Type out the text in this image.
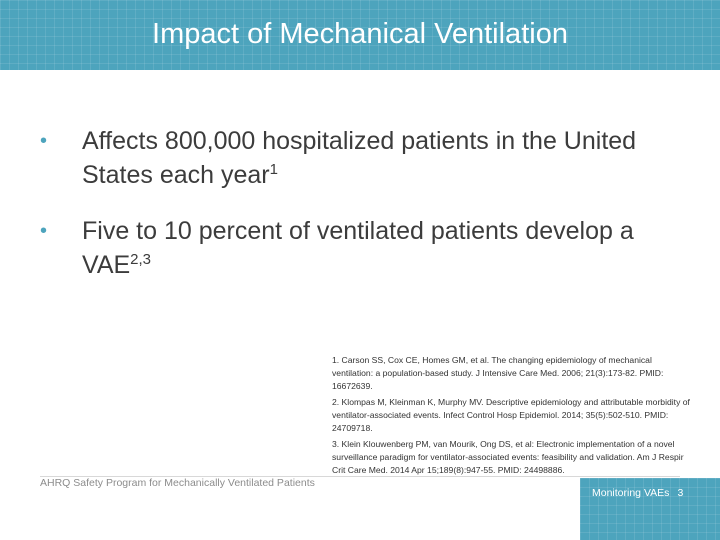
Impact of Mechanical Ventilation
• Affects 800,000 hospitalized patients in the United States each year$^1$
• Five to 10 percent of ventilated patients develop a VAE$^{2,3}$
1. Carson SS, Cox CE, Homes GM, et al. The changing epidemiology of mechanical ventilation: a population-based study. J Intensive Care Med. 2006; 21(3):173-82. PMID: 16672639.
2. Klompas M, Kleinman K, Murphy MV. Descriptive epidemiology and attributable morbidity of ventilator-associated events. Infect Control Hosp Epidemiol. 2014; 35(5):502-510. PMID: 24709718.
3. Klein Klouwenberg PM, van Mourik, Ong DS, et al: Electronic implementation of a novel surveillance paradigm for ventilator-associated events: feasibility and validation. Am J Respir Crit Care Med. 2014 Apr 15;189(8):947-55. PMID: 24498886.
AHRQ Safety Program for Mechanically Ventilated Patients
Monitoring VAEs 3
